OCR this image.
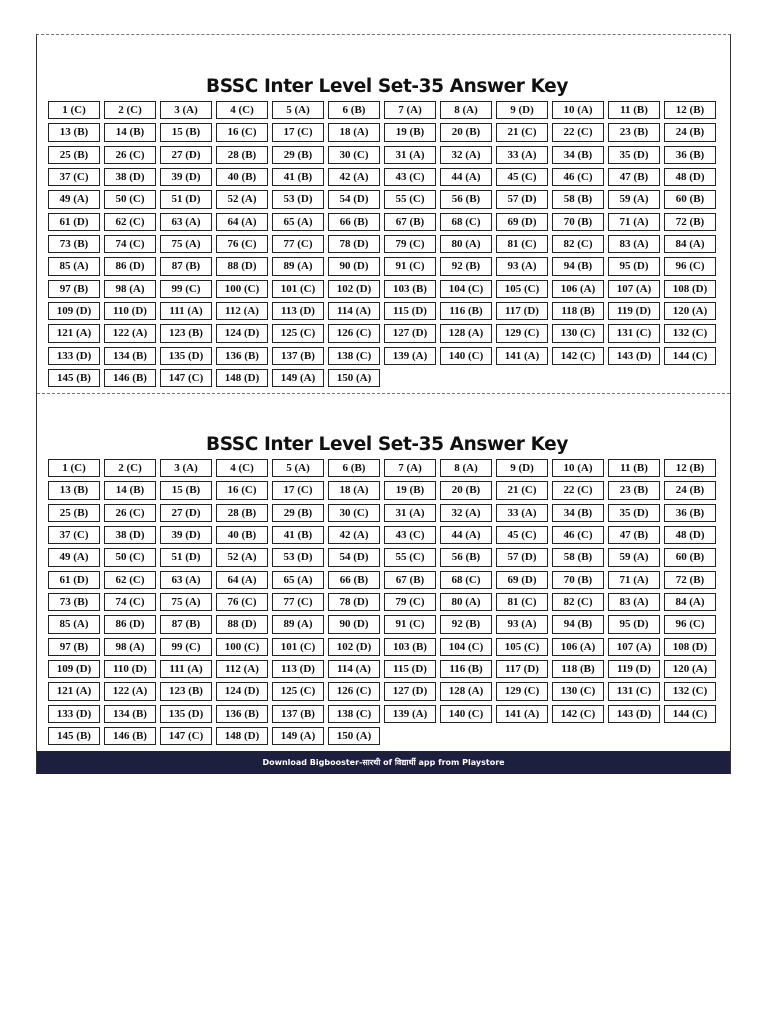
BSSC Inter Level Set-35 Answer Key
1 (C)	2 (C)	3 (A)	4 (C)	5 (A)	6 (B)	7 (A)	8 (A)	9 (D)	10 (A)	11 (B)	12 (B)
13 (B)	14 (B)	15 (B)	16 (C)	17 (C)	18 (A)	19 (B)	20 (B)	21 (C)	22 (C)	23 (B)	24 (B)
25 (B)	26 (C)	27 (D)	28 (B)	29 (B)	30 (C)	31 (A)	32 (A)	33 (A)	34 (B)	35 (D)	36 (B)
37 (C)	38 (D)	39 (D)	40 (B)	41 (B)	42 (A)	43 (C)	44 (A)	45 (C)	46 (C)	47 (B)	48 (D)
49 (A)	50 (C)	51 (D)	52 (A)	53 (D)	54 (D)	55 (C)	56 (B)	57 (D)	58 (B)	59 (A)	60 (B)
61 (D)	62 (C)	63 (A)	64 (A)	65 (A)	66 (B)	67 (B)	68 (C)	69 (D)	70 (B)	71 (A)	72 (B)
73 (B)	74 (C)	75 (A)	76 (C)	77 (C)	78 (D)	79 (C)	80 (A)	81 (C)	82 (C)	83 (A)	84 (A)
85 (A)	86 (D)	87 (B)	88 (D)	89 (A)	90 (D)	91 (C)	92 (B)	93 (A)	94 (B)	95 (D)	96 (C)
97 (B)	98 (A)	99 (C)	100 (C)	101 (C)	102 (D)	103 (B)	104 (C)	105 (C)	106 (A)	107 (A)	108 (D)
109 (D)	110 (D)	111 (A)	112 (A)	113 (D)	114 (A)	115 (D)	116 (B)	117 (D)	118 (B)	119 (D)	120 (A)
121 (A)	122 (A)	123 (B)	124 (D)	125 (C)	126 (C)	127 (D)	128 (A)	129 (C)	130 (C)	131 (C)	132 (C)
133 (D)	134 (B)	135 (D)	136 (B)	137 (B)	138 (C)	139 (A)	140 (C)	141 (A)	142 (C)	143 (D)	144 (C)
145 (B)	146 (B)	147 (C)	148 (D)	149 (A)	150 (A)
BSSC Inter Level Set-35 Answer Key
1 (C)	2 (C)	3 (A)	4 (C)	5 (A)	6 (B)	7 (A)	8 (A)	9 (D)	10 (A)	11 (B)	12 (B)
13 (B)	14 (B)	15 (B)	16 (C)	17 (C)	18 (A)	19 (B)	20 (B)	21 (C)	22 (C)	23 (B)	24 (B)
25 (B)	26 (C)	27 (D)	28 (B)	29 (B)	30 (C)	31 (A)	32 (A)	33 (A)	34 (B)	35 (D)	36 (B)
37 (C)	38 (D)	39 (D)	40 (B)	41 (B)	42 (A)	43 (C)	44 (A)	45 (C)	46 (C)	47 (B)	48 (D)
49 (A)	50 (C)	51 (D)	52 (A)	53 (D)	54 (D)	55 (C)	56 (B)	57 (D)	58 (B)	59 (A)	60 (B)
61 (D)	62 (C)	63 (A)	64 (A)	65 (A)	66 (B)	67 (B)	68 (C)	69 (D)	70 (B)	71 (A)	72 (B)
73 (B)	74 (C)	75 (A)	76 (C)	77 (C)	78 (D)	79 (C)	80 (A)	81 (C)	82 (C)	83 (A)	84 (A)
85 (A)	86 (D)	87 (B)	88 (D)	89 (A)	90 (D)	91 (C)	92 (B)	93 (A)	94 (B)	95 (D)	96 (C)
97 (B)	98 (A)	99 (C)	100 (C)	101 (C)	102 (D)	103 (B)	104 (C)	105 (C)	106 (A)	107 (A)	108 (D)
109 (D)	110 (D)	111 (A)	112 (A)	113 (D)	114 (A)	115 (D)	116 (B)	117 (D)	118 (B)	119 (D)	120 (A)
121 (A)	122 (A)	123 (B)	124 (D)	125 (C)	126 (C)	127 (D)	128 (A)	129 (C)	130 (C)	131 (C)	132 (C)
133 (D)	134 (B)	135 (D)	136 (B)	137 (B)	138 (C)	139 (A)	140 (C)	141 (A)	142 (C)	143 (D)	144 (C)
145 (B)	146 (B)	147 (C)	148 (D)	149 (A)	150 (A)
Download Bigbooster-सारथी of विद्यार्थी app from Playstore
